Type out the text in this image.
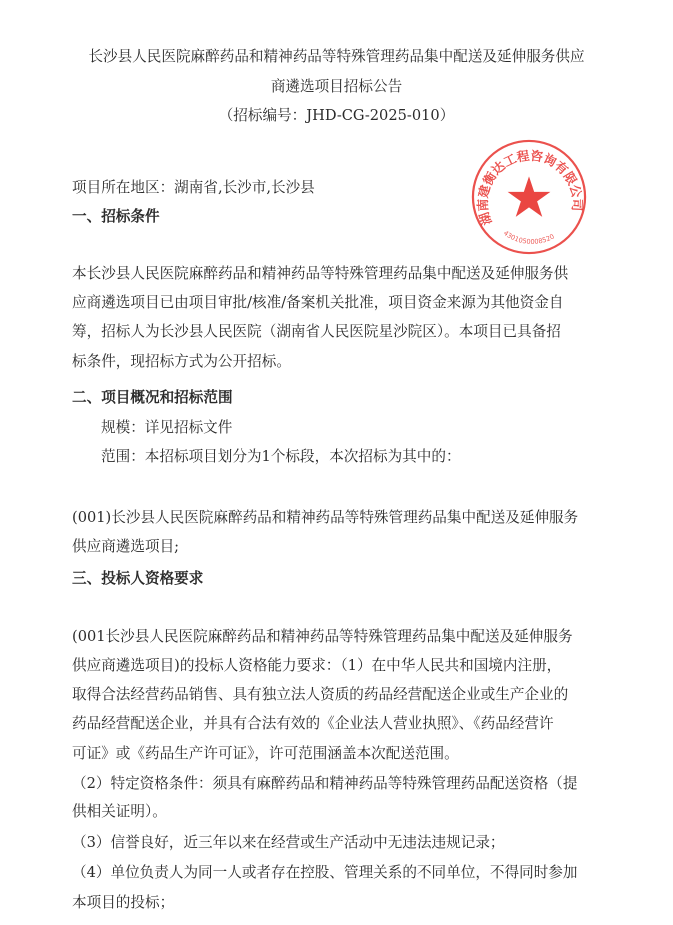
长沙县人民医院麻醉药品和精神药品等特殊管理药品集中配送及延伸服务供应
商遴选项目招标公告
（招标编号：JHD-CG-2025-010）
项目所在地区：湖南省,长沙市,长沙县
一、招标条件
本长沙县人民医院麻醉药品和精神药品等特殊管理药品集中配送及延伸服务供
应商遴选项目已由项目审批/核准/备案机关批准，项目资金来源为其他资金自
筹，招标人为长沙县人民医院（湖南省人民医院星沙院区）。本项目已具备招
标条件，现招标方式为公开招标。
二、项目概况和招标范围
规模：详见招标文件
范围：本招标项目划分为1个标段，本次招标为其中的：
(001)长沙县人民医院麻醉药品和精神药品等特殊管理药品集中配送及延伸服务
供应商遴选项目;
三、投标人资格要求
(001长沙县人民医院麻醉药品和精神药品等特殊管理药品集中配送及延伸服务
供应商遴选项目)的投标人资格能力要求：（1）在中华人民共和国境内注册，
取得合法经营药品销售、具有独立法人资质的药品经营配送企业或生产企业的
药品经营配送企业，并具有合法有效的《企业法人营业执照》、《药品经营许
可证》或《药品生产许可证》，许可范围涵盖本次配送范围。
（2）特定资格条件：须具有麻醉药品和精神药品等特殊管理药品配送资格（提
供相关证明）。
（3）信誉良好，近三年以来在经营或生产活动中无违法违规记录；
（4）单位负责人为同一人或者存在控股、管理关系的不同单位，不得同时参加
本项目的投标；
湖南建衡达工程咨询有限公司
4301050008520
